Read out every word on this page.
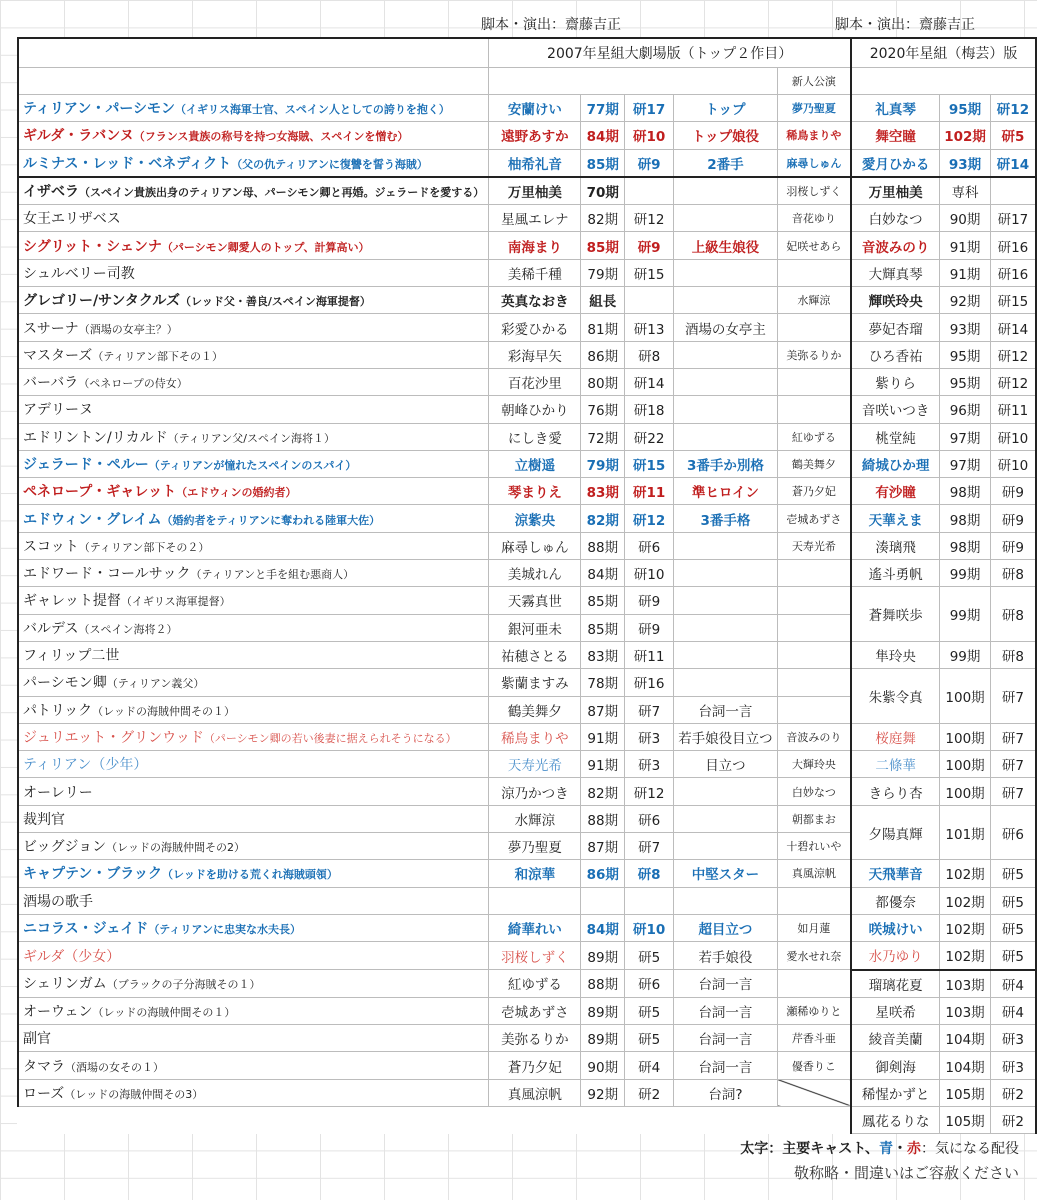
脚本・演出：齋藤吉正	脚本・演出：齋藤吉正
	2007年星組大劇場版（トップ２作目）					2020年星組（梅芸）版		
					新人公演			
ティリアン・パーシモン（イギリス海軍士官、スペイン人としての誇りを抱く）	安蘭けい	77期	研17	トップ	夢乃聖夏	礼真琴	95期	研12
ギルダ・ラバンヌ（フランス貴族の称号を持つ女海賊、スペインを憎む）	遠野あすか	84期	研10	トップ娘役	稀鳥まりや	舞空瞳	102期	研5
ルミナス・レッド・ベネディクト（父の仇ティリアンに復讐を誓う海賊）	柚希礼音	85期	研9	2番手	麻尋しゅん	愛月ひかる	93期	研14
イザベラ（スペイン貴族出身のティリアン母、パーシモン卿と再婚。ジェラードを愛する）	万里柚美	70期			羽桜しずく	万里柚美	専科	
女王エリザベス	星風エレナ	82期	研12		音花ゆり	白妙なつ	90期	研17
シグリット・シェンナ（パーシモン卿愛人のトップ、計算高い）	南海まり	85期	研9	上級生娘役	妃咲せあら	音波みのり	91期	研16
シュルベリー司教	美稀千種	79期	研15			大輝真琴	91期	研16
グレゴリー/サンタクルズ（レッド父・善良/スペイン海軍提督）	英真なおき	組長			水輝涼	輝咲玲央	92期	研15
スサーナ（酒場の女亭主？）	彩愛ひかる	81期	研13	酒場の女亭主		夢妃杏瑠	93期	研14
マスターズ（ティリアン部下その１）	彩海早矢	86期	研8		美弥るりか	ひろ香祐	95期	研12
バーバラ（ペネロープの侍女）	百花沙里	80期	研14			紫りら	95期	研12
アデリーヌ	朝峰ひかり	76期	研18			音咲いつき	96期	研11
エドリントン/リカルド（ティリアン父/スペイン海将１）	にしき愛	72期	研22		紅ゆずる	桃堂純	97期	研10
ジェラード・ペルー（ティリアンが憧れたスペインのスパイ）	立樹遥	79期	研15	3番手か別格	鶴美舞夕	綺城ひか理	97期	研10
ペネロープ・ギャレット（エドウィンの婚約者）	琴まりえ	83期	研11	準ヒロイン	蒼乃夕妃	有沙瞳	98期	研9
エドウィン・グレイム（婚約者をティリアンに奪われる陸軍大佐）	涼紫央	82期	研12	3番手格	壱城あずさ	天華えま	98期	研9
スコット（ティリアン部下その２）	麻尋しゅん	88期	研6		天寿光希	湊璃飛	98期	研9
エドワード・コールサック（ティリアンと手を組む悪商人）	美城れん	84期	研10			遙斗勇帆	99期	研8
ギャレット提督（イギリス海軍提督）	天霧真世	85期	研9			蒼舞咲歩	99期	研8
バルデス（スペイン海将２）	銀河亜未	85期	研9					
フィリップ二世	祐穂さとる	83期	研11			隼玲央	99期	研8
パーシモン卿（ティリアン義父）	紫蘭ますみ	78期	研16			朱紫令真	100期	研7
パトリック（レッドの海賊仲間その１）	鶴美舞夕	87期	研7	台詞一言				
ジュリエット・グリンウッド（パーシモン卿の若い後妻に据えられそうになる）	稀鳥まりや	91期	研3	若手娘役目立つ	音波みのり	桜庭舞	100期	研7
ティリアン（少年）	天寿光希	91期	研3	目立つ	大輝玲央	二條華	100期	研7
オーレリー	涼乃かつき	82期	研12		白妙なつ	きらり杏	100期	研7
裁判官	水輝涼	88期	研6		朝都まお	夕陽真輝	101期	研6
ビッグジョン（レッドの海賊仲間その2）	夢乃聖夏	87期	研7		十碧れいや			
キャプテン・ブラック（レッドを助ける荒くれ海賊頭領）	和涼華	86期	研8	中堅スター	真風涼帆	天飛華音	102期	研5
酒場の歌手						都優奈	102期	研5
ニコラス・ジェイド（ティリアンに忠実な水夫長）	綺華れい	84期	研10	超目立つ	如月蓮	咲城けい	102期	研5
ギルダ（少女）	羽桜しずく	89期	研5	若手娘役	愛水せれ奈	水乃ゆり	102期	研5
シェリンガム（ブラックの子分海賊その１）	紅ゆずる	88期	研6	台詞一言		瑠璃花夏	103期	研4
オーウェン（レッドの海賊仲間その１）	壱城あずさ	89期	研5	台詞一言	瀬稀ゆりと	星咲希	103期	研4
副官	美弥るりか	89期	研5	台詞一言	芹香斗亜	綾音美蘭	104期	研3
タマラ（酒場の女その１）	蒼乃夕妃	90期	研4	台詞一言	優香りこ	御剣海	104期	研3
ローズ（レッドの海賊仲間その3）	真風涼帆	92期	研2	台詞?		稀惺かずと	105期	研2
						鳳花るりな	105期	研2
太字：主要キャスト、青・赤：気になる配役
敬称略・間違いはご容赦ください
